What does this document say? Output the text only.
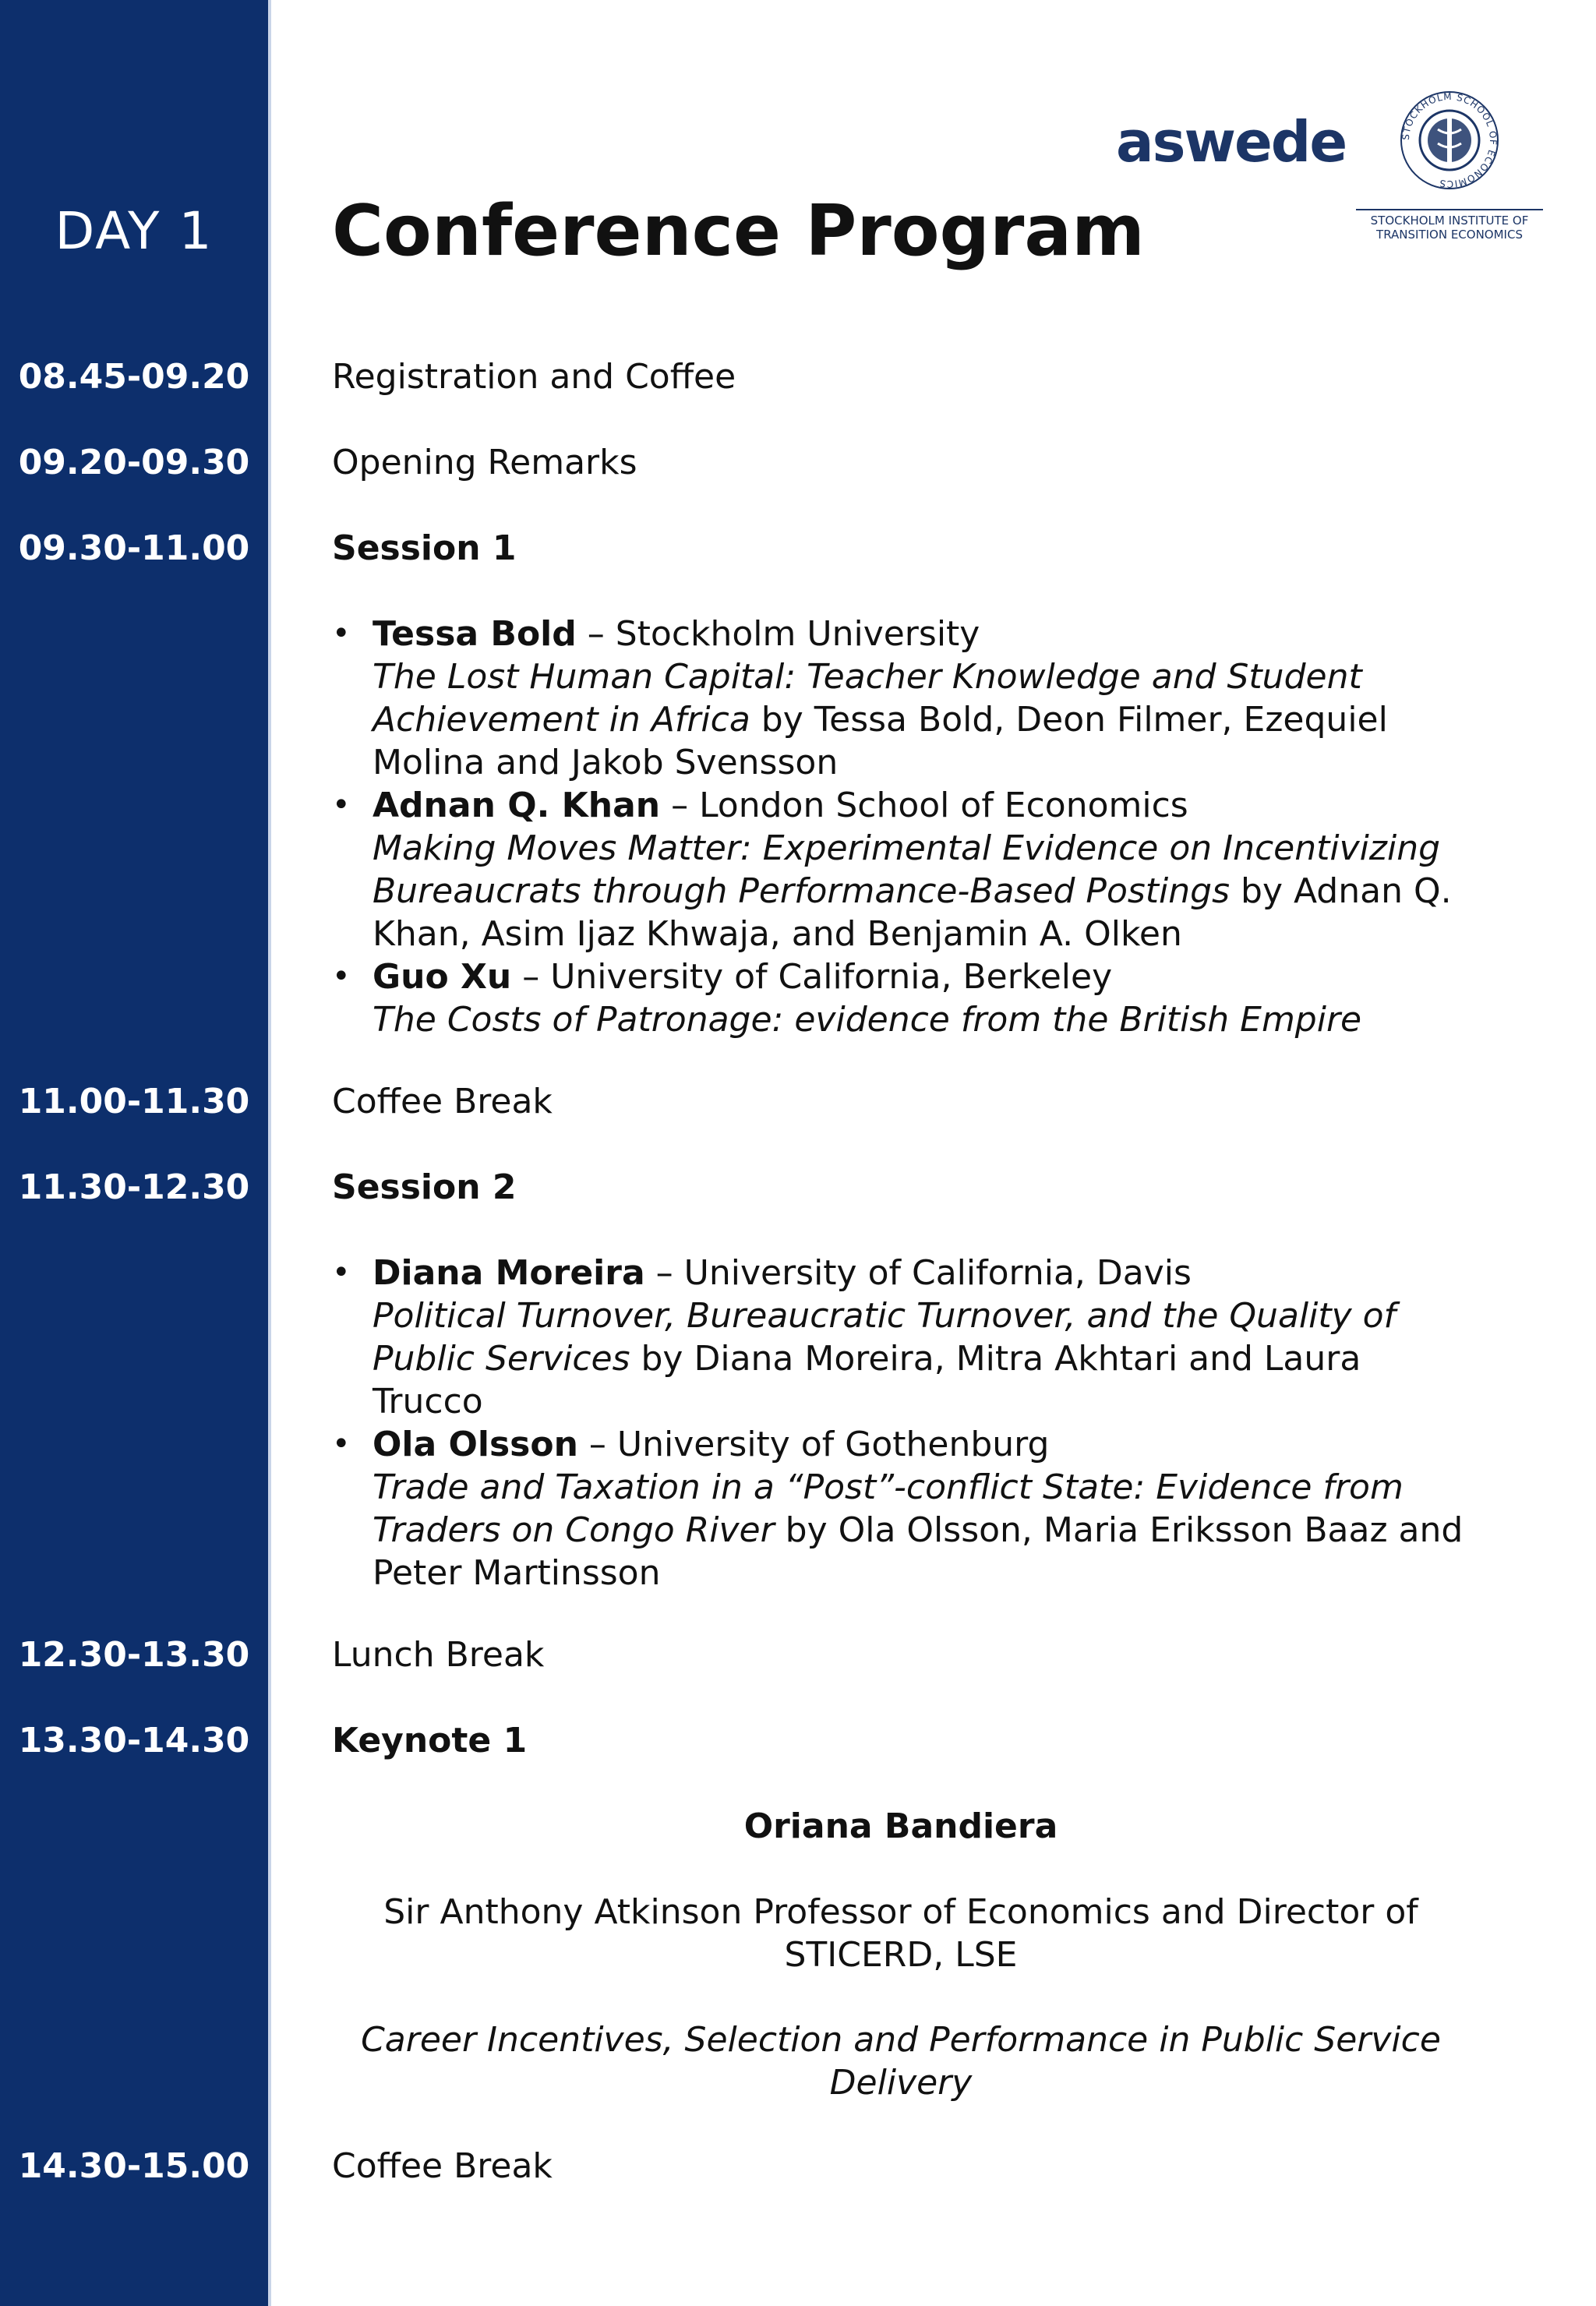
DAY 1
08.45-09.20
09.20-09.30
09.30-11.00
11.00-11.30
11.30-12.30
12.30-13.30
13.30-14.30
14.30-15.00
Conference Program
aswede	STOCKHOLM SCHOOL OF ECONOMICS
STOCKHOLM INSTITUTE OF
TRANSITION ECONOMICS
Registration and Coffee
Opening Remarks
Session 1
• Tessa Bold – Stockholm University
The Lost Human Capital: Teacher Knowledge and Student Achievement in Africa by Tessa Bold, Deon Filmer, Ezequiel Molina and Jakob Svensson
• Adnan Q. Khan – London School of Economics
Making Moves Matter: Experimental Evidence on Incentivizing Bureaucrats through Performance-Based Postings by Adnan Q. Khan, Asim Ijaz Khwaja, and Benjamin A. Olken
• Guo Xu – University of California, Berkeley
The Costs of Patronage: evidence from the British Empire
Coffee Break
Session 2
• Diana Moreira – University of California, Davis
Political Turnover, Bureaucratic Turnover, and the Quality of Public Services by Diana Moreira, Mitra Akhtari and Laura Trucco
• Ola Olsson – University of Gothenburg
Trade and Taxation in a “Post”-conflict State: Evidence from Traders on Congo River by Ola Olsson, Maria Eriksson Baaz and Peter Martinsson
Lunch Break
Keynote 1
Oriana Bandiera
Sir Anthony Atkinson Professor of Economics and Director of STICERD, LSE
Career Incentives, Selection and Performance in Public Service Delivery
Coffee Break
